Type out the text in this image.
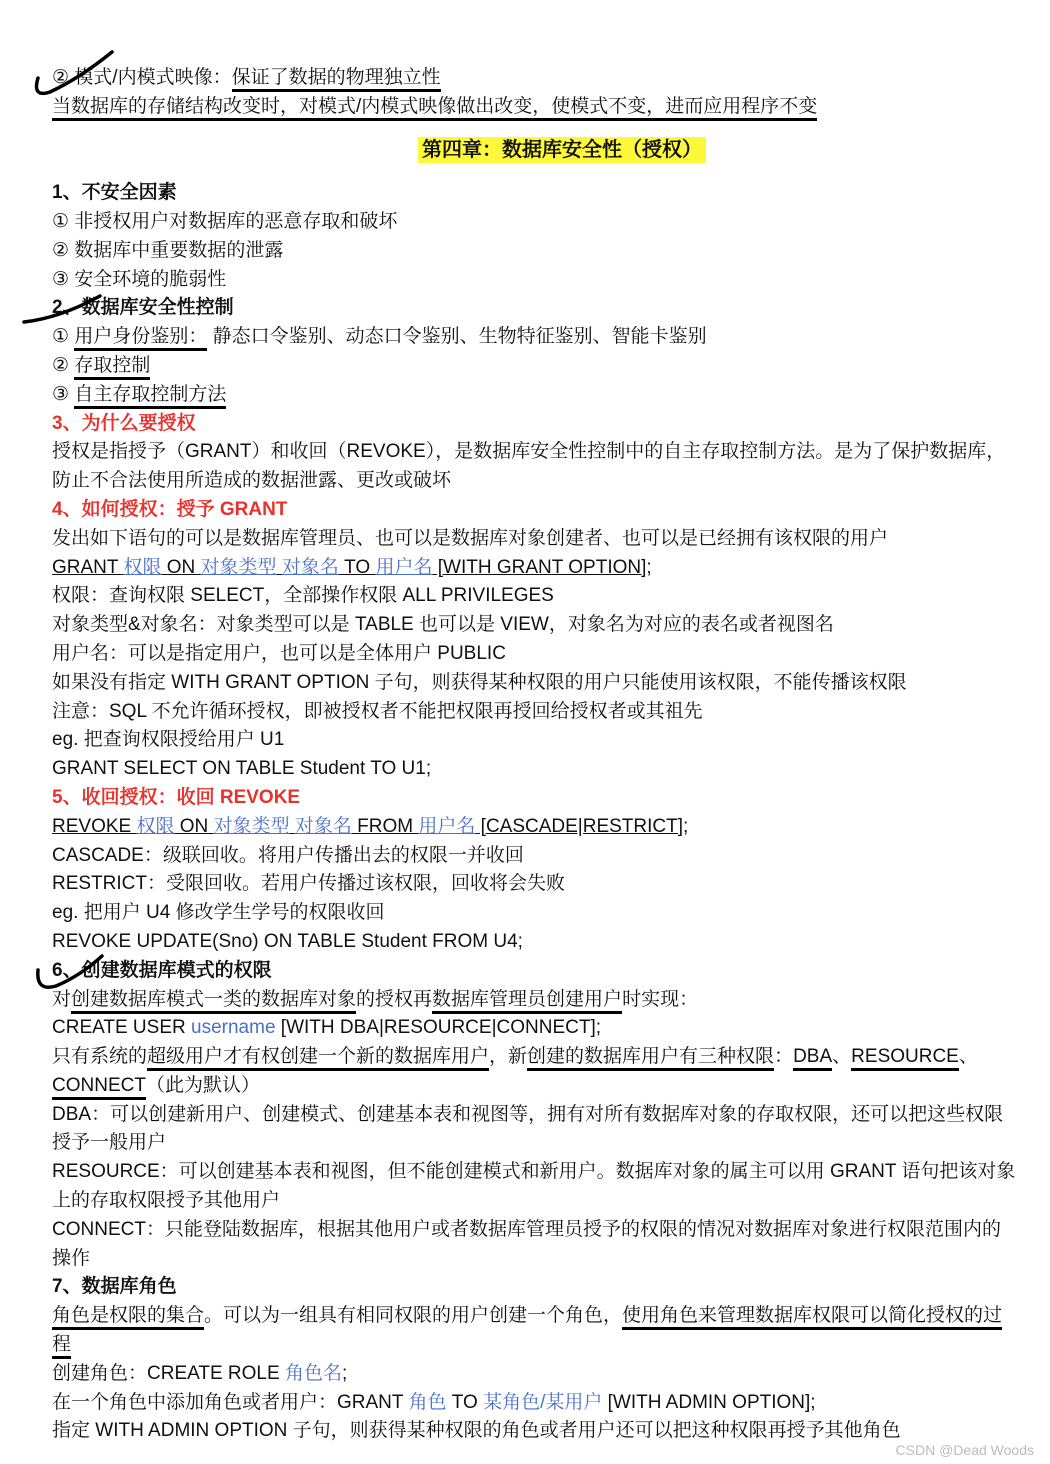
② 模式/内模式映像：保证了数据的物理独立性
当数据库的存储结构改变时，对模式/内模式映像做出改变，使模式不变，进而应用程序不变
第四章：数据库安全性（授权）
1、不安全因素
① 非授权用户对数据库的恶意存取和破坏
② 数据库中重要数据的泄露
③ 安全环境的脆弱性
2、数据库安全性控制
① 用户身份鉴别： 静态口令鉴别、动态口令鉴别、生物特征鉴别、智能卡鉴别
② 存取控制
③ 自主存取控制方法
3、为什么要授权
授权是指授予（GRANT）和收回（REVOKE），是数据库安全性控制中的自主存取控制方法。是为了保护数据库，
防止不合法使用所造成的数据泄露、更改或破坏
4、如何授权：授予 GRANT
发出如下语句的可以是数据库管理员、也可以是数据库对象创建者、也可以是已经拥有该权限的用户
GRANT 权限 ON 对象类型 对象名 TO 用户名 [WITH GRANT OPTION];
权限：查询权限 SELECT，全部操作权限 ALL PRIVILEGES
对象类型&对象名：对象类型可以是 TABLE 也可以是 VIEW，对象名为对应的表名或者视图名
用户名：可以是指定用户，也可以是全体用户 PUBLIC
如果没有指定 WITH GRANT OPTION 子句，则获得某种权限的用户只能使用该权限，不能传播该权限
注意：SQL 不允许循环授权，即被授权者不能把权限再授回给授权者或其祖先
eg. 把查询权限授给用户 U1
GRANT SELECT ON TABLE Student TO U1;
5、收回授权：收回 REVOKE
REVOKE 权限 ON 对象类型 对象名 FROM 用户名 [CASCADE|RESTRICT];
CASCADE：级联回收。将用户传播出去的权限一并收回
RESTRICT：受限回收。若用户传播过该权限，回收将会失败
eg. 把用户 U4 修改学生学号的权限收回
REVOKE UPDATE(Sno) ON TABLE Student FROM U4;
6、创建数据库模式的权限
对创建数据库模式一类的数据库对象的授权再数据库管理员创建用户时实现：
CREATE USER username [WITH DBA|RESOURCE|CONNECT];
只有系统的超级用户才有权创建一个新的数据库用户，新创建的数据库用户有三种权限：DBA、RESOURCE、
CONNECT（此为默认）
DBA：可以创建新用户、创建模式、创建基本表和视图等，拥有对所有数据库对象的存取权限，还可以把这些权限
授予一般用户
RESOURCE：可以创建基本表和视图，但不能创建模式和新用户。数据库对象的属主可以用 GRANT 语句把该对象
上的存取权限授予其他用户
CONNECT：只能登陆数据库，根据其他用户或者数据库管理员授予的权限的情况对数据库对象进行权限范围内的
操作
7、数据库角色
角色是权限的集合。可以为一组具有相同权限的用户创建一个角色，使用角色来管理数据库权限可以简化授权的过
程
创建角色：CREATE ROLE 角色名;
在一个角色中添加角色或者用户：GRANT 角色 TO 某角色/某用户 [WITH ADMIN OPTION];
指定 WITH ADMIN OPTION 子句，则获得某种权限的角色或者用户还可以把这种权限再授予其他角色
CSDN @Dead Woods
